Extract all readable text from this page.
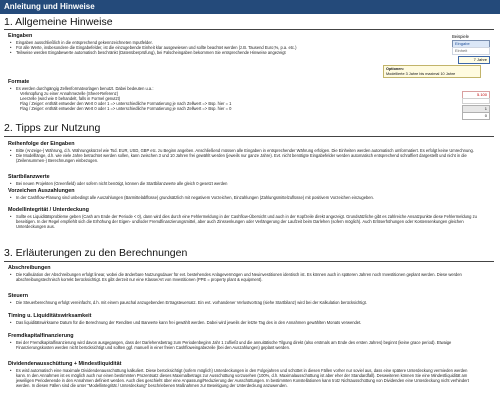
Anleitung und Hinweise
1. Allgemeine Hinweise
Eingaben
• Eingaben ausschließlich in die entsprechend gekennzeichneten Inputfelder.
• Für alle Werte, insbesondere die Eingabefelder, ist die einzugebende Einheit klar ausgewiesen und sollte beachtet werden (z.B. Tausend Euro;%, p.a. etc.)
• Teilweise werden Eingabewerte automatisch beschränkt (Datenüberprüfung), bei Falscheingaben bekommen Sie entsprechende Hinweise angezeigt
Beispiele
Eingabe
Einheit
7 Jahre
Optionen:
Modellierte 3 Jahre bis maximal 10 Jahre
Formate
• Es werden durchgängig Zellenformatvorlagen benutzt. Dabei bedeuten u.a.:
Verknüpfung zu einer Annahmezelle (Sheet-Referenz)
Leerzelle (wird wie 0 behandelt, falls in Formel genutzt)
Flag / Zeiger: enthält entweder den Wert 0 oder 1 => unterschiedliche Formatierung je nach Zellwert => Bsp. hier = 1
Flag / Zeiger: enthält entweder den Wert 0 oder 1 => unterschiedliche Formatierung je nach Zellwert => Bsp. hier = 0
5.100
1
0
2. Tipps zur Nutzung
Reihenfolge der Eingaben
• Bitte (Anzeige-) Währung, d.h. Währungskürzel wie Tsd. EUR, USD, GBP etc. zu Beginn angeben. Anschließend müssen alle Eingaben in entsprechender Währung erfolgen. Die Einheiten werden automatisch umformatiert. Es erfolgt keine Umrechnung.
• Die Modelllänge, d.h. wie viele Jahre betrachtet werden sollen, kann zwischen 3 und 10 Jahren frei gewählt werden (jeweils nur ganze Jahre). Evt. nicht benötigte Eingabefelder werden automatisch entsprechend schraffiert dargestellt und nicht in die (Zeilensummen-) Berechnungen einbezogen.
Startbilanzwerte
• Bei neuen Projekten (Greenfield) oder sofern nicht benötigt, können die Startbilanzwerte alle gleich 0 gesetzt werden
Vorzeichen Auszahlungen
• In der Cashflow-Planung sind unbedingt alle Auszahlungen (Barmittelabflüsse) grundsätzlich mit negativem Vorzeichen, Einzahlungen (Zahlungsmittelzuflüsse) mit positivem Vorzeichen einzugeben.
Modellintegrität / Unterdeckung
• Sollte es Liquiditätsprobleme geben (Cash am Ende der Periode < 0), dann wird dies durch eine Fehlermeldung in der Cashflow-Übersicht und auch in der Kopfzeile direkt angezeigt. Grundsätzliche gibt es zahlreiche Ansatzpunkte diese Fehlermeldung zu beseitigen. In der Regel empfiehlt sich die Erhöhung der Eigen- und/oder Fremdfinanzierungsmittel, aber auch Zinssenkungen oder Verlängerung der Laufzeit beim Darlehen (sofern möglich). Auch Erlöserhöhungen oder Kostensenkungen gleichen Unterdeckungen aus.
3. Erläuterungen zu den Berechnungen
Abschreibungen
• Die Kalkulation der Abschreibungen erfolgt linear, wobei die änderbare Nutzungsdauer für evt. bestehendes Anlagevermögen und Neuinvestitionen identisch ist. Es können auch in späteren Jahren noch Investitionen geplant werden. Diese werden abschreibungstechnisch korrekt berücksichtigt. Es gibt derzeit nur eine Klasse/Art von Investitionen (PPE = property plant & equipment).
Steuern
• Die Steuerberechnung erfolgt vereinfacht, d.h. mit einem pauschal anzugebenden Ertragsteuersatz. Ein evt. vorhandener Verlustvortrag (siehe Startbilanz) wird bei der Kalkulation berücksichtigt.
Timing u. Liquiditätswirksamkeit
• Das liquiditätswirksame Datum für die Berechnung der Renditen und Barwerte kann frei gewählt werden. Dabei wird jeweils der letzte Tag des in den Annahmen gewählten Monats verwendet.
Fremdkapitalfinanzierung
• Bei der Fremdkapitalfinanzierung wird davon ausgegangen, dass der Darlehensbetrag zum Periodenbeginn Jahr 1 zufließt und die annuitätische Tilgung direkt (also erstmals am Ende des ersten Jahres) beginnt (keine grace period). Etwaige Finanzierungskosten werden nicht berücksichtigt und sollten ggf. manuell in einer freien Cashfloweingabezeile (bei den Auszahlungen) geplant werden.
Dividendenausschüttung + Mindestliquidität
• Es wird automatisch eine maximale Dividendenausschüttung kalkuliert. Diese berücksichtigt (sofern möglich) Unterdeckungen in den Folgejahren und schüttet in diesen Fällen vorher nur soviel aus, dass eine spätere Unterdeckung vermieden werden kann. In den Annahmen ist es möglich auch nur einen bestimmten Prozentsatz dieses Maximalbetrags zur Ausschüttung vorzusehen (100%, d.h. Maximalausschüttung ist aber eher der Standardfall). Desweiteren können Sie eine Mindestliquidität am jeweiligen Periodenende in den Annahmen definiert werden. Auch dies geschieht über eine Anpassung/Reduzierung der Ausschüttungen. In bestimmten Konstellationen kann trotz Nichtausschüttung von Dividenden eine Unterdeckung nicht verhindert werden. In diesen Fällen sind die unter "Modellintegrität / Unterdeckung" beschriebenen Maßnahmen zur Beseitigung der Unterdeckung anzuwenden.
